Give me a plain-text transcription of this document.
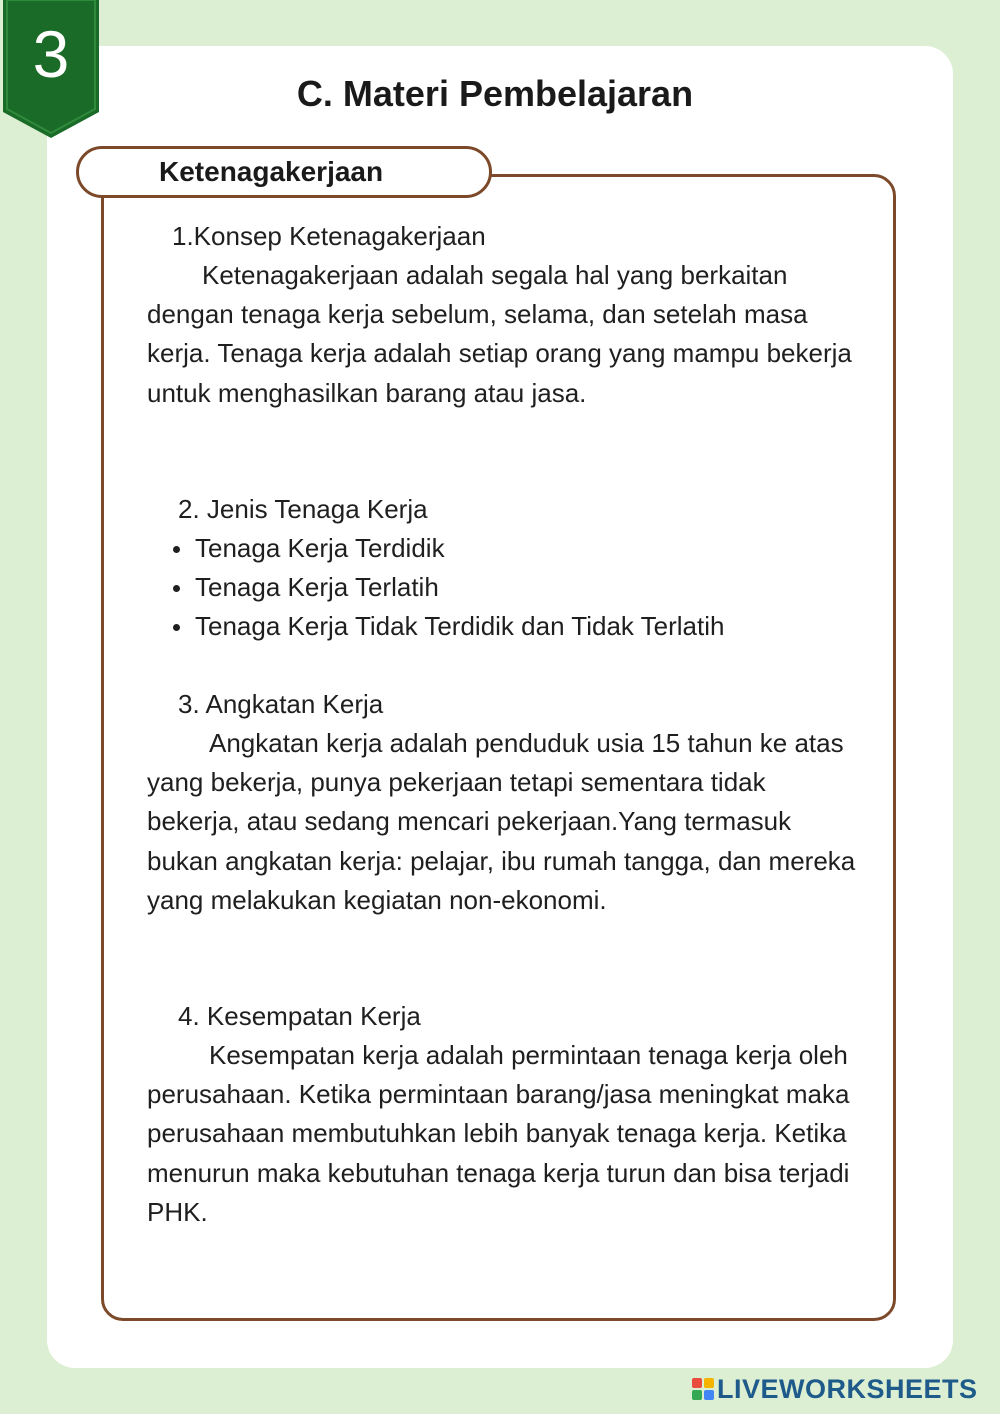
3
C. Materi Pembelajaran
Ketenagakerjaan
1.Konsep Ketenagakerjaan

Ketenagakerjaan adalah segala hal yang berkaitan dengan tenaga kerja sebelum, selama, dan setelah masa kerja. Tenaga kerja adalah setiap orang yang mampu bekerja untuk menghasilkan barang atau jasa.

2. Jenis Tenaga Kerja
Tenaga Kerja Terdidik
Tenaga Kerja Terlatih
Tenaga Kerja Tidak Terdidik dan Tidak Terlatih
3. Angkatan Kerja

Angkatan kerja adalah penduduk usia 15 tahun ke atas yang bekerja, punya pekerjaan tetapi sementara tidak bekerja, atau sedang mencari pekerjaan.Yang termasuk bukan angkatan kerja: pelajar, ibu rumah tangga, dan mereka yang melakukan kegiatan non-ekonomi.

4. Kesempatan Kerja

Kesempatan kerja adalah permintaan tenaga kerja oleh perusahaan. Ketika permintaan barang/jasa meningkat maka perusahaan membutuhkan lebih banyak tenaga kerja. Ketika menurun maka kebutuhan tenaga kerja turun dan bisa terjadi PHK.

LIVEWORKSHEETS
